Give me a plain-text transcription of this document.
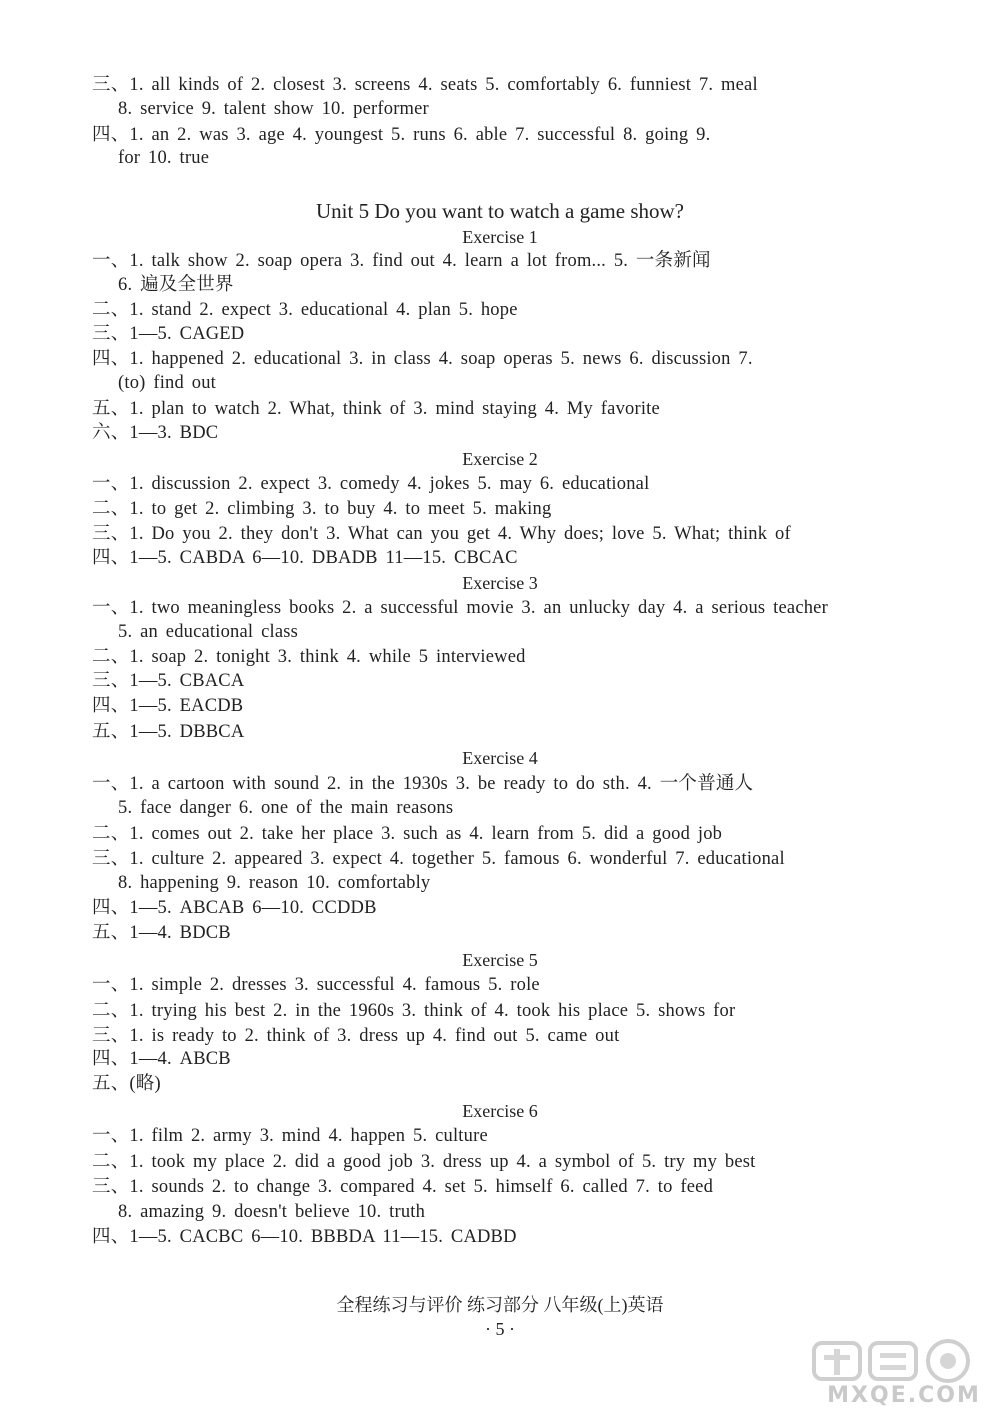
三、1. all kinds of 2. closest 3. screens 4. seats 5. comfortably 6. funniest 7. meal
8. service 9. talent show 10. performer
四、1. an 2. was 3. age 4. youngest 5. runs 6. able 7. successful 8. going 9.
for 10. true
Unit 5 Do you want to watch a game show?
Exercise 1
一、1. talk show 2. soap opera 3. find out 4. learn a lot from... 5. 一条新闻
6. 遍及全世界
二、1. stand 2. expect 3. educational 4. plan 5. hope
三、1—5. CAGED
四、1. happened 2. educational 3. in class 4. soap operas 5. news 6. discussion 7.
(to) find out
五、1. plan to watch 2. What, think of 3. mind staying 4. My favorite
六、1—3. BDC
Exercise 2
一、1. discussion 2. expect 3. comedy 4. jokes 5. may 6. educational
二、1. to get 2. climbing 3. to buy 4. to meet 5. making
三、1. Do you 2. they don't 3. What can you get 4. Why does; love 5. What; think of
四、1—5. CABDA 6—10. DBADB 11—15. CBCAC
Exercise 3
一、1. two meaningless books 2. a successful movie 3. an unlucky day 4. a serious teacher
5. an educational class
二、1. soap 2. tonight 3. think 4. while 5 interviewed
三、1—5. CBACA
四、1—5. EACDB
五、1—5. DBBCA
Exercise 4
一、1. a cartoon with sound 2. in the 1930s 3. be ready to do sth. 4. 一个普通人
5. face danger 6. one of the main reasons
二、1. comes out 2. take her place 3. such as 4. learn from 5. did a good job
三、1. culture 2. appeared 3. expect 4. together 5. famous 6. wonderful 7. educational
8. happening 9. reason 10. comfortably
四、1—5. ABCAB 6—10. CCDDB
五、1—4. BDCB
Exercise 5
一、1. simple 2. dresses 3. successful 4. famous 5. role
二、1. trying his best 2. in the 1960s 3. think of 4. took his place 5. shows for
三、1. is ready to 2. think of 3. dress up 4. find out 5. came out
四、1—4. ABCB
五、(略)
Exercise 6
一、1. film 2. army 3. mind 4. happen 5. culture
二、1. took my place 2. did a good job 3. dress up 4. a symbol of 5. try my best
三、1. sounds 2. to change 3. compared 4. set 5. himself 6. called 7. to feed
8. amazing 9. doesn't believe 10. truth
四、1—5. CACBC 6—10. BBBDA 11—15. CADBD
全程练习与评价 练习部分 八年级(上)英语
· 5 ·
MXQE.COM
